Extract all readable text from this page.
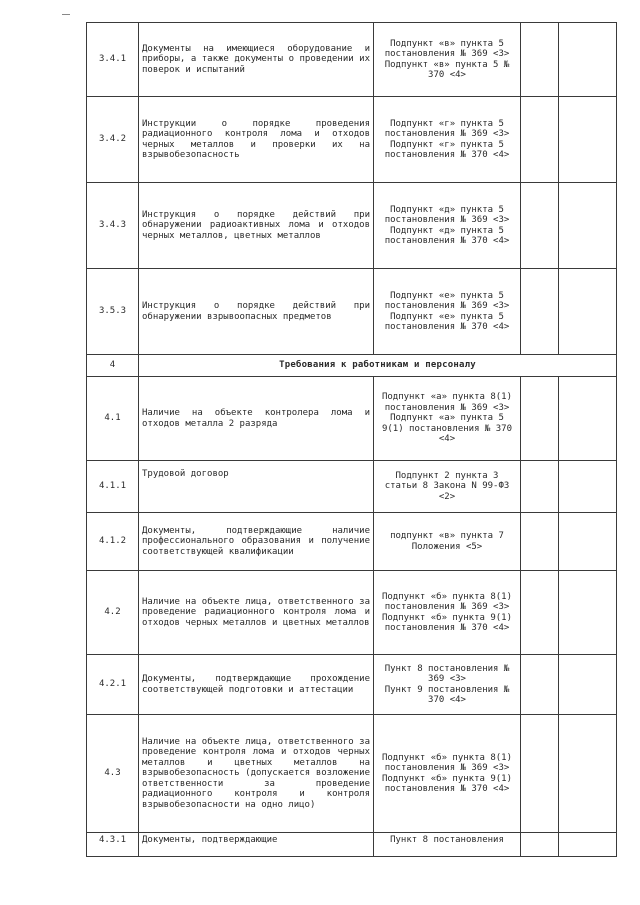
3.4.1	Документы на имеющиеся оборудование и приборы, а также документы о проведении их поверок и испытаний	Подпункт «в» пункта 5 постановления № 369 <3>
Подпункт «в» пункта 5 № 370 <4>		

3.4.2	Инструкции о порядке проведения радиационного контроля лома и отходов черных металлов и проверки их на взрывобезопасность	Подпункт «г» пункта 5 постановления № 369 <3>
Подпункт «г» пункта 5 постановления № 370 <4>		

3.4.3	Инструкция о порядке действий при обнаружении радиоактивных лома и отходов черных металлов, цветных металлов	Подпункт «д» пункта 5 постановления № 369 <3>
Подпункт «д» пункта 5 постановления № 370 <4>		

3.5.3	Инструкция о порядке действий при обнаружении взрывоопасных предметов	Подпункт «е» пункта 5 постановления № 369 <3>
Подпункт «е» пункта 5 постановления № 370 <4>		

4	Требования к работникам и персоналу			
4.1	Наличие на объекте контролера лома и отходов металла 2 разряда	Подпункт «а» пункта 8(1) постановления № 369 <3>
Подпункт «а» пункта 5 9(1) постановления № 370 <4>		

4.1.1	Трудовой договор	Подпункт 2 пункта 3 статьи 8 Закона N 99-ФЗ <2>		

4.1.2	Документы, подтверждающие наличие профессионального образования и получение соответствующей квалификации	подпункт «в» пункта 7 Положения <5>		

4.2	Наличие на объекте лица, ответственного за проведение радиационного контроля лома и отходов черных металлов и цветных металлов	Подпункт «б» пункта 8(1) постановления № 369 <3>
Подпункт «б» пункта 9(1) постановления № 370 <4>		

4.2.1	Документы, подтверждающие прохождение соответствующей подготовки и аттестации	Пункт 8 постановления № 369 <3>
Пункт 9 постановления № 370 <4>		

4.3	Наличие на объекте лица, ответственного за проведение контроля лома и отходов черных металлов и цветных металлов на взрывобезопасность (допускается возложение ответственности за проведение радиационного контроля и контроля взрывобезопасности на одно лицо)	Подпункт «б» пункта 8(1) постановления № 369 <3>
Подпункт «б» пункта 9(1) постановления № 370 <4>		

4.3.1	Документы, подтверждающие	Пункт 8 постановления		
